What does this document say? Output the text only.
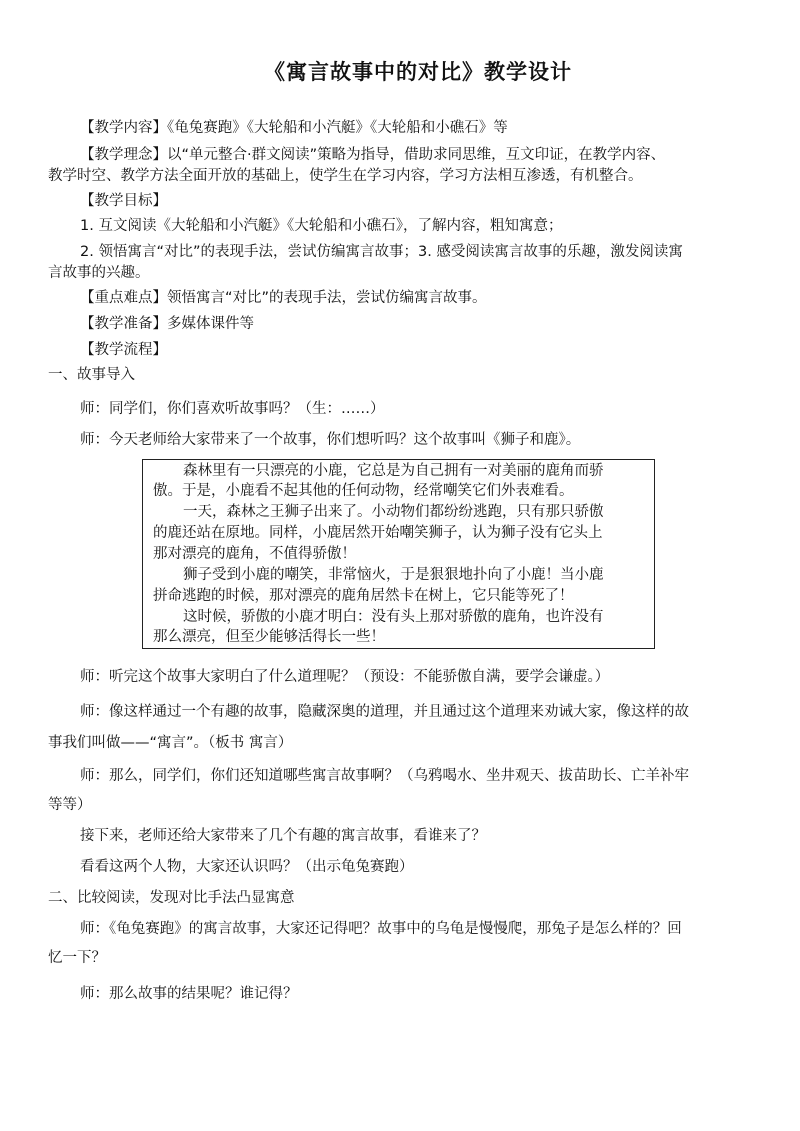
《寓言故事中的对比》教学设计
【教学内容】《龟兔赛跑》《大轮船和小汽艇》《大轮船和小礁石》等
【教学理念】以“单元整合·群文阅读”策略为指导，借助求同思维，互文印证，在教学内容、
教学时空、教学方法全面开放的基础上，使学生在学习内容，学习方法相互渗透，有机整合。
【教学目标】
1. 互文阅读《大轮船和小汽艇》《大轮船和小礁石》，了解内容，粗知寓意；
2. 领悟寓言“对比”的表现手法，尝试仿编寓言故事；3. 感受阅读寓言故事的乐趣，激发阅读寓
言故事的兴趣。
【重点难点】领悟寓言“对比”的表现手法，尝试仿编寓言故事。
【教学准备】多媒体课件等
【教学流程】
一、故事导入
师：同学们，你们喜欢听故事吗？（生：……）
师：今天老师给大家带来了一个故事，你们想听吗？这个故事叫《狮子和鹿》。
森林里有一只漂亮的小鹿，它总是为自己拥有一对美丽的鹿角而骄
傲。于是，小鹿看不起其他的任何动物，经常嘲笑它们外表难看。
一天，森林之王狮子出来了。小动物们都纷纷逃跑，只有那只骄傲
的鹿还站在原地。同样，小鹿居然开始嘲笑狮子，认为狮子没有它头上
那对漂亮的鹿角，不值得骄傲！
狮子受到小鹿的嘲笑，非常恼火，于是狠狠地扑向了小鹿！当小鹿
拼命逃跑的时候，那对漂亮的鹿角居然卡在树上，它只能等死了！
这时候，骄傲的小鹿才明白：没有头上那对骄傲的鹿角，也许没有
那么漂亮，但至少能够活得长一些！
师：听完这个故事大家明白了什么道理呢？（预设：不能骄傲自满，要学会谦虚。）
师：像这样通过一个有趣的故事，隐藏深奥的道理，并且通过这个道理来劝诫大家，像这样的故
事我们叫做——“寓言”。（板书 寓言）
师：那么，同学们，你们还知道哪些寓言故事啊？（乌鸦喝水、坐井观天、拔苗助长、亡羊补牢
等等）
接下来，老师还给大家带来了几个有趣的寓言故事，看谁来了？
看看这两个人物，大家还认识吗？（出示龟兔赛跑）
二、比较阅读，发现对比手法凸显寓意
师：《龟兔赛跑》的寓言故事，大家还记得吧？故事中的乌龟是慢慢爬，那兔子是怎么样的？回
忆一下？
师：那么故事的结果呢？谁记得？
